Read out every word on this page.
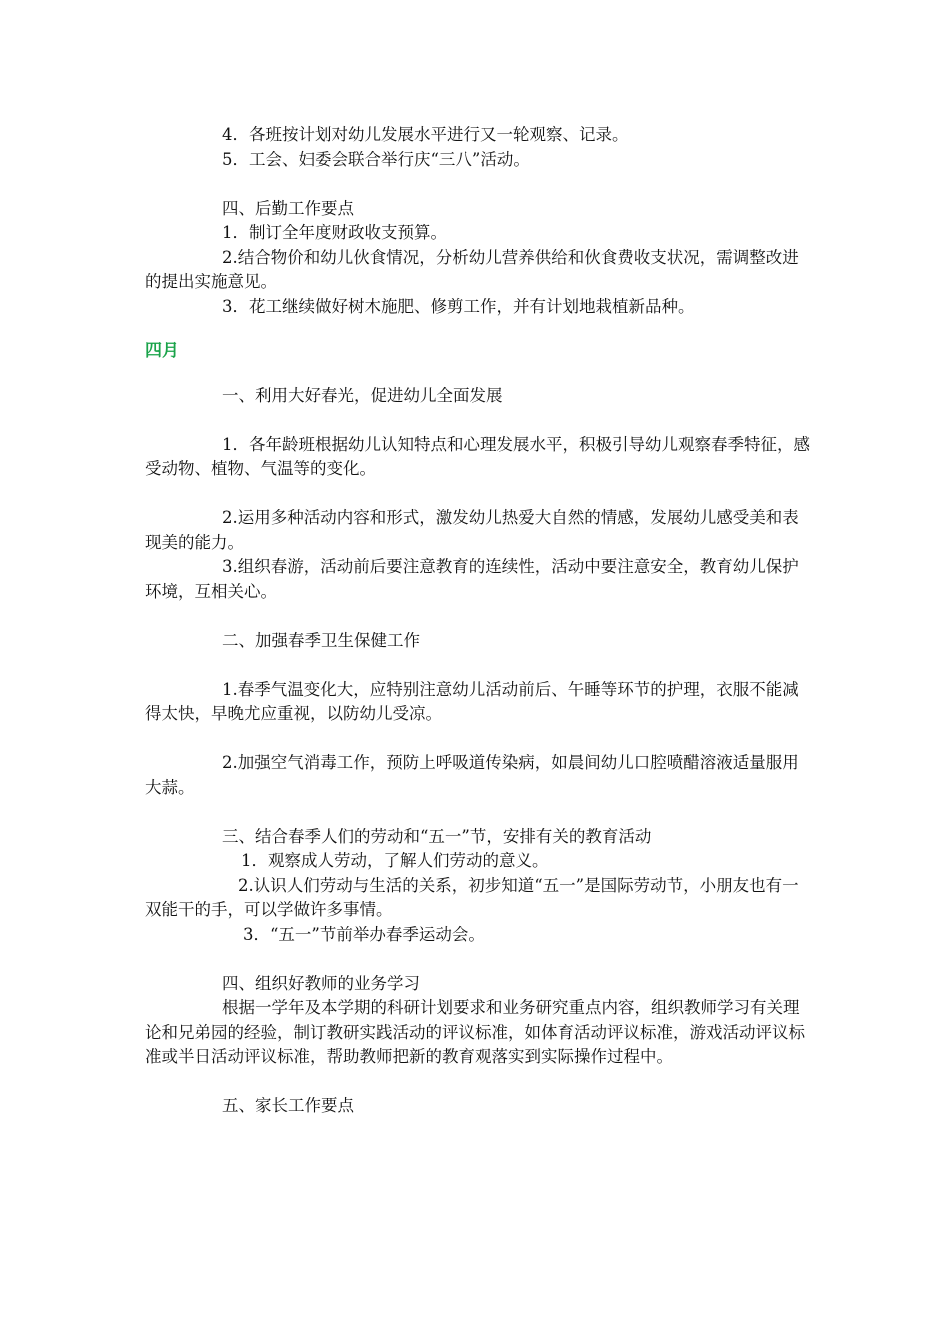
4．各班按计划对幼儿发展水平进行又一轮观察、记录。

5．工会、妇委会联合举行庆“三八”活动。

四、后勤工作要点

1．制订全年度财政收支预算。

2.结合物价和幼儿伙食情况，分析幼儿营养供给和伙食费收支状况，需调整改进的提出实施意见。

3．花工继续做好树木施肥、修剪工作，并有计划地栽植新品种。

四月

一、利用大好春光，促进幼儿全面发展

1．各年龄班根据幼儿认知特点和心理发展水平，积极引导幼儿观察春季特征，感受动物、植物、气温等的变化。

2.运用多种活动内容和形式，激发幼儿热爱大自然的情感，发展幼儿感受美和表现美的能力。

3.组织春游，活动前后要注意教育的连续性，活动中要注意安全，教育幼儿保护环境，互相关心。

二、加强春季卫生保健工作

1.春季气温变化大，应特别注意幼儿活动前后、午睡等环节的护理，衣服不能减得太快，早晚尤应重视，以防幼儿受凉。

2.加强空气消毒工作，预防上呼吸道传染病，如晨间幼儿口腔喷醋溶液适量服用大蒜。

三、结合春季人们的劳动和“五一”节，安排有关的教育活动

1．观察成人劳动，了解人们劳动的意义。

2.认识人们劳动与生活的关系，初步知道“五一”是国际劳动节，小朋友也有一双能干的手，可以学做许多事情。

3．“五一”节前举办春季运动会。

四、组织好教师的业务学习

根据一学年及本学期的科研计划要求和业务研究重点内容，组织教师学习有关理论和兄弟园的经验，制订教研实践活动的评议标准，如体育活动评议标准，游戏活动评议标准或半日活动评议标准，帮助教师把新的教育观落实到实际操作过程中。

五、家长工作要点
